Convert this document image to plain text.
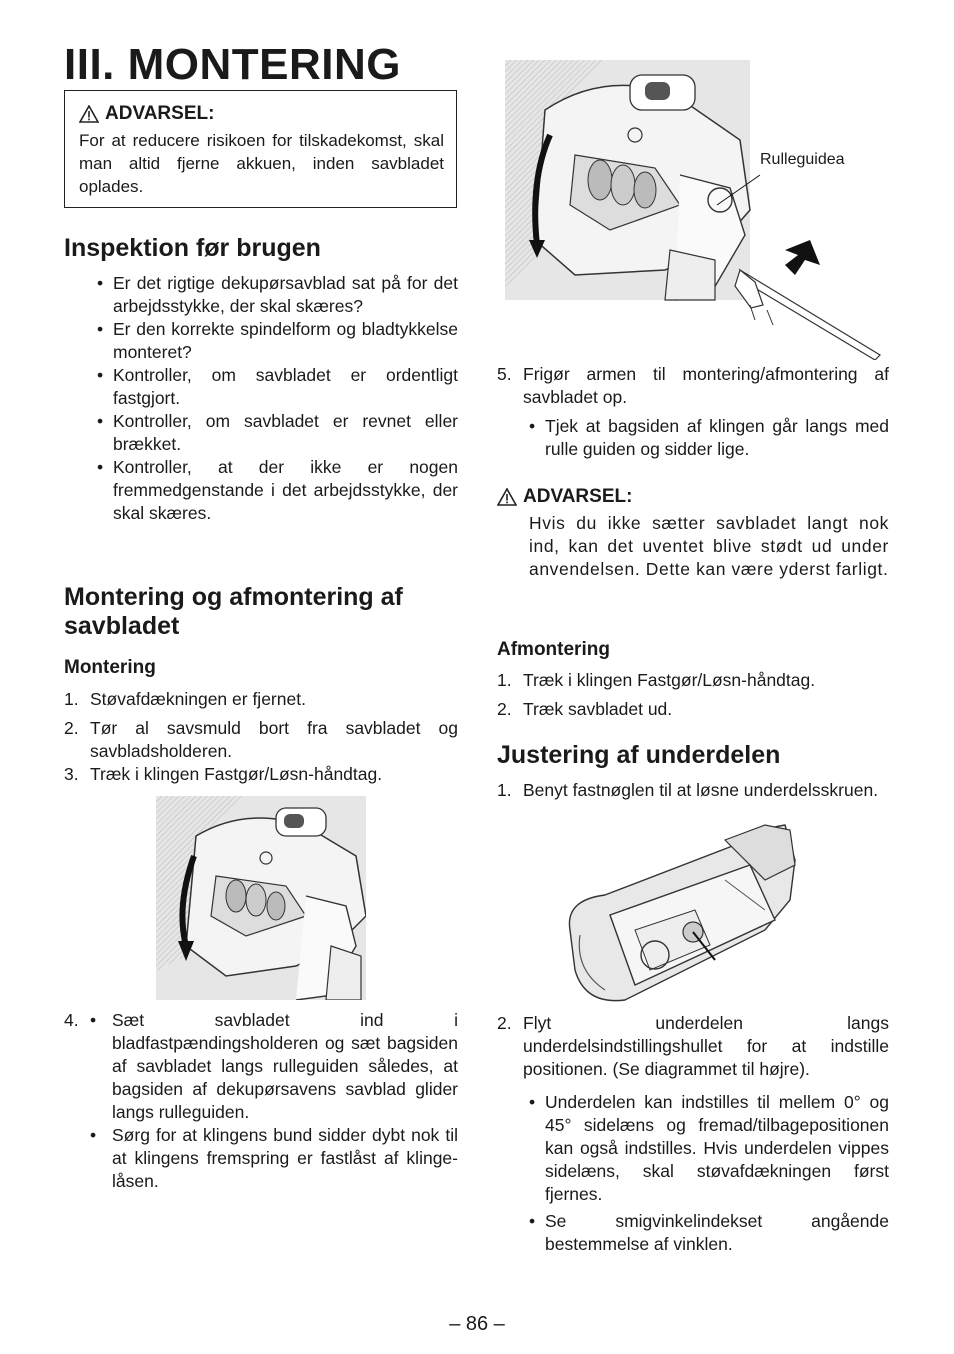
III. MONTERING
ADVARSEL:

For at reducere risikoen for tilskadekomst, skal man altid fjerne akkuen, inden savbladet oplades.

Inspektion før brugen
• Er det rigtige dekupørsavblad sat på for det arbejdsstykke, der skal skæres?
• Er den korrekte spindelform og bladtykkelse monteret?
• Kontroller, om savbladet er ordentligt fastgjort.
• Kontroller, om savbladet er revnet eller brækket.
• Kontroller, at der ikke er nogen fremmedgenstande i det arbejdsstykke, der skal skæres.
Montering og afmontering af savbladet
Montering
1. Støvafdækningen er fjernet.
2. Tør al savsmuld bort fra savbladet og savbladsholderen.
3. Træk i klingen Fastgør/Løsn-håndtag.
4.
•	Sæt savbladet ind i bladfastpændingsholderen og sæt bagsiden af savbladet langs rulleguiden således, at bagsiden af dekupørsavens savblad glider langs rulleguiden.
• Sørg for at klingens bund sidder dybt nok til at klingens fremspring er fastlåst af klinge-låsen.
Rulleguidea
5. Frigør armen til montering/afmontering af savbladet op.
• Tjek at bagsiden af klingen går langs med rulle guiden og sidder lige.
ADVARSEL:

Hvis du ikke sætter savbladet langt nok ind, kan det uventet blive stødt ud under anvendelsen. Dette kan være yderst farligt.

Afmontering
1. Træk i klingen Fastgør/Løsn-håndtag.
2. Træk savbladet ud.
Justering af underdelen
1. Benyt fastnøglen til at løsne underdelsskruen.
2. Flyt underdelen langs underdelsindstillingshullet for at indstille positionen. (Se diagrammet til højre).
• Underdelen kan indstilles til mellem 0° og 45° sidelæns og fremad/tilbagepositionen kan også indstilles. Hvis underdelen vippes sidelæns, skal støvafdækningen først fjernes.
• Se smigvinkelindekset angående bestemmelse af vinklen.
– 86 –
